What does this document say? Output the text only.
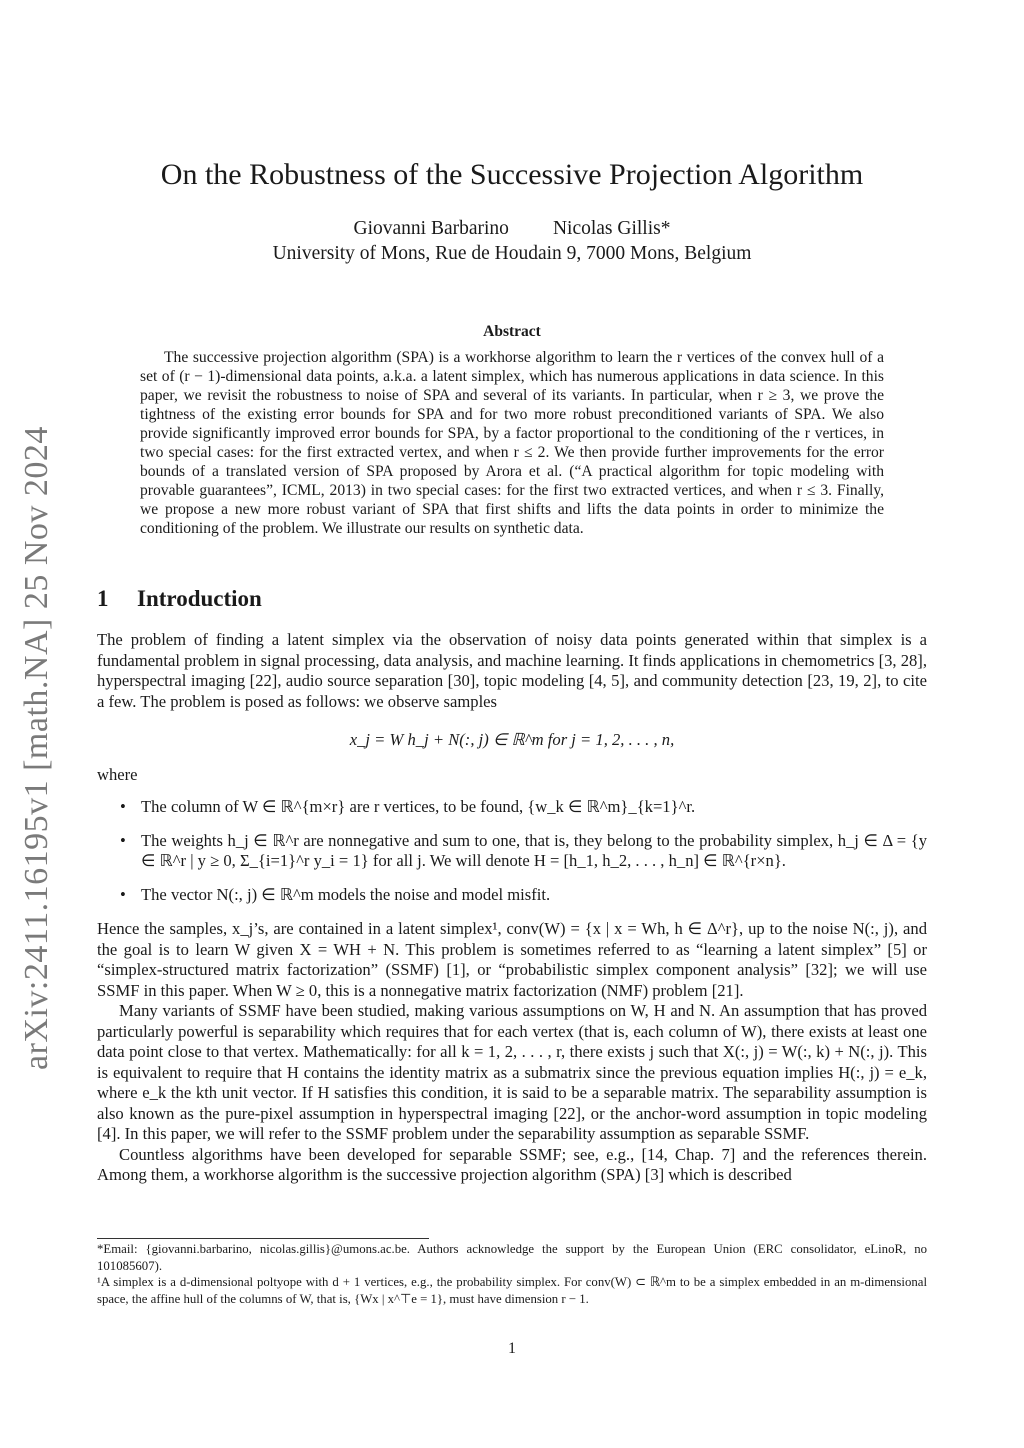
arXiv:2411.16195v1 [math.NA] 25 Nov 2024
On the Robustness of the Successive Projection Algorithm
Giovanni Barbarino Nicolas Gillis*
University of Mons, Rue de Houdain 9, 7000 Mons, Belgium
Abstract

The successive projection algorithm (SPA) is a workhorse algorithm to learn the r vertices of the convex hull of a set of (r − 1)-dimensional data points, a.k.a. a latent simplex, which has numerous applications in data science. In this paper, we revisit the robustness to noise of SPA and several of its variants. In particular, when r ≥ 3, we prove the tightness of the existing error bounds for SPA and for two more robust preconditioned variants of SPA. We also provide significantly improved error bounds for SPA, by a factor proportional to the conditioning of the r vertices, in two special cases: for the first extracted vertex, and when r ≤ 2. We then provide further improvements for the error bounds of a translated version of SPA proposed by Arora et al. (“A practical algorithm for topic modeling with provable guarantees”, ICML, 2013) in two special cases: for the first two extracted vertices, and when r ≤ 3. Finally, we propose a new more robust variant of SPA that first shifts and lifts the data points in order to minimize the conditioning of the problem. We illustrate our results on synthetic data.

1 Introduction

The problem of finding a latent simplex via the observation of noisy data points generated within that simplex is a fundamental problem in signal processing, data analysis, and machine learning. It finds applications in chemometrics [3, 28], hyperspectral imaging [22], audio source separation [30], topic modeling [4, 5], and community detection [23, 19, 2], to cite a few. The problem is posed as follows: we observe samples

x_j = W h_j + N(:, j) ∈ ℝ^m for j = 1, 2, . . . , n,
where
• The column of W ∈ ℝ^{m×r} are r vertices, to be found, {w_k ∈ ℝ^m}_{k=1}^r.
• The weights h_j ∈ ℝ^r are nonnegative and sum to one, that is, they belong to the probability simplex, h_j ∈ Δ = {y ∈ ℝ^r | y ≥ 0, Σ_{i=1}^r y_i = 1} for all j. We will denote H = [h_1, h_2, . . . , h_n] ∈ ℝ^{r×n}.
• The vector N(:, j) ∈ ℝ^m models the noise and model misfit.

Hence the samples, x_j’s, are contained in a latent simplex¹, conv(W) = {x | x = Wh, h ∈ Δ^r}, up to the noise N(:, j), and the goal is to learn W given X = WH + N. This problem is sometimes referred to as “learning a latent simplex” [5] or “simplex-structured matrix factorization” (SSMF) [1], or “probabilistic simplex component analysis” [32]; we will use SSMF in this paper. When W ≥ 0, this is a nonnegative matrix factorization (NMF) problem [21].

Many variants of SSMF have been studied, making various assumptions on W, H and N. An assumption that has proved particularly powerful is separability which requires that for each vertex (that is, each column of W), there exists at least one data point close to that vertex. Mathematically: for all k = 1, 2, . . . , r, there exists j such that X(:, j) = W(:, k) + N(:, j). This is equivalent to require that H contains the identity matrix as a submatrix since the previous equation implies H(:, j) = e_k, where e_k the kth unit vector. If H satisfies this condition, it is said to be a separable matrix. The separability assumption is also known as the pure-pixel assumption in hyperspectral imaging [22], or the anchor-word assumption in topic modeling [4]. In this paper, we will refer to the SSMF problem under the separability assumption as separable SSMF.

Countless algorithms have been developed for separable SSMF; see, e.g., [14, Chap. 7] and the references therein. Among them, a workhorse algorithm is the successive projection algorithm (SPA) [3] which is described

*Email: {giovanni.barbarino, nicolas.gillis}@umons.ac.be. Authors acknowledge the support by the European Union (ERC consolidator, eLinoR, no 101085607).

¹A simplex is a d-dimensional poltyope with d + 1 vertices, e.g., the probability simplex. For conv(W) ⊂ ℝ^m to be a simplex embedded in an m-dimensional space, the affine hull of the columns of W, that is, {Wx | x^⊤e = 1}, must have dimension r − 1.

1
